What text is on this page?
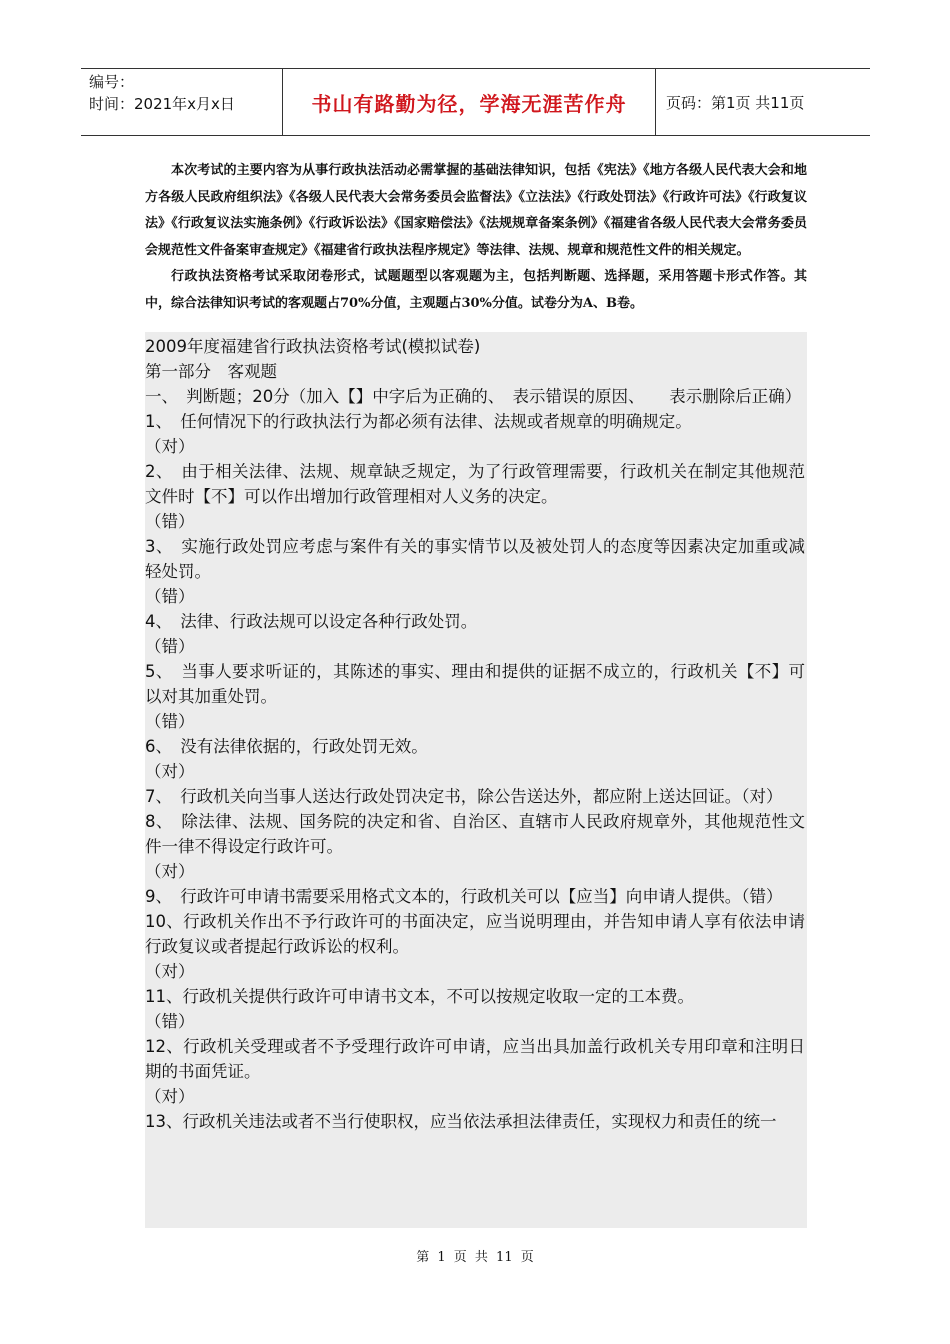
编号：
时间：2021年x月x日	书山有路勤为径，学海无涯苦作舟	页码：第1页 共11页

本次考试的主要内容为从事行政执法活动必需掌握的基础法律知识，包括《宪法》《地方各级人民代表大会和地方各级人民政府组织法》《各级人民代表大会常务委员会监督法》《立法法》《行政处罚法》《行政许可法》《行政复议法》《行政复议法实施条例》《行政诉讼法》《国家赔偿法》《法规规章备案条例》《福建省各级人民代表大会常务委员会规范性文件备案审查规定》《福建省行政执法程序规定》等法律、法规、规章和规范性文件的相关规定。

行政执法资格考试采取闭卷形式，试题题型以客观题为主，包括判断题、选择题，采用答题卡形式作答。其中，综合法律知识考试的客观题占70%分值，主观题占30%分值。试卷分为A、B卷。

2009年度福建省行政执法资格考试(模拟试卷)
第一部分　客观题
一、　判断题；20分（加入【】中字后为正确的、　表示错误的原因、　　表示删除后正确）
1、　任何情况下的行政执法行为都必须有法律、法规或者规章的明确规定。
（对）
2、　由于相关法律、法规、规章缺乏规定，为了行政管理需要，行政机关在制定其他规范文件时【不】可以作出增加行政管理相对人义务的决定。
（错）
3、　实施行政处罚应考虑与案件有关的事实情节以及被处罚人的态度等因素决定加重或减轻处罚。
（错）
4、　法律、行政法规可以设定各种行政处罚。
（错）
5、　当事人要求听证的，其陈述的事实、理由和提供的证据不成立的，行政机关【不】可以对其加重处罚。
（错）
6、　没有法律依据的，行政处罚无效。
（对）
7、　行政机关向当事人送达行政处罚决定书，除公告送达外，都应附上送达回证。（对）
8、　除法律、法规、国务院的决定和省、自治区、直辖市人民政府规章外，其他规范性文件一律不得设定行政许可。
（对）
9、　行政许可申请书需要采用格式文本的，行政机关可以【应当】向申请人提供。（错）
10、行政机关作出不予行政许可的书面决定，应当说明理由，并告知申请人享有依法申请行政复议或者提起行政诉讼的权利。
（对）
11、行政机关提供行政许可申请书文本，不可以按规定收取一定的工本费。
（错）
12、行政机关受理或者不予受理行政许可申请，应当出具加盖行政机关专用印章和注明日期的书面凭证。
（对）
13、行政机关违法或者不当行使职权，应当依法承担法律责任，实现权力和责任的统一
第 1 页 共 11 页
